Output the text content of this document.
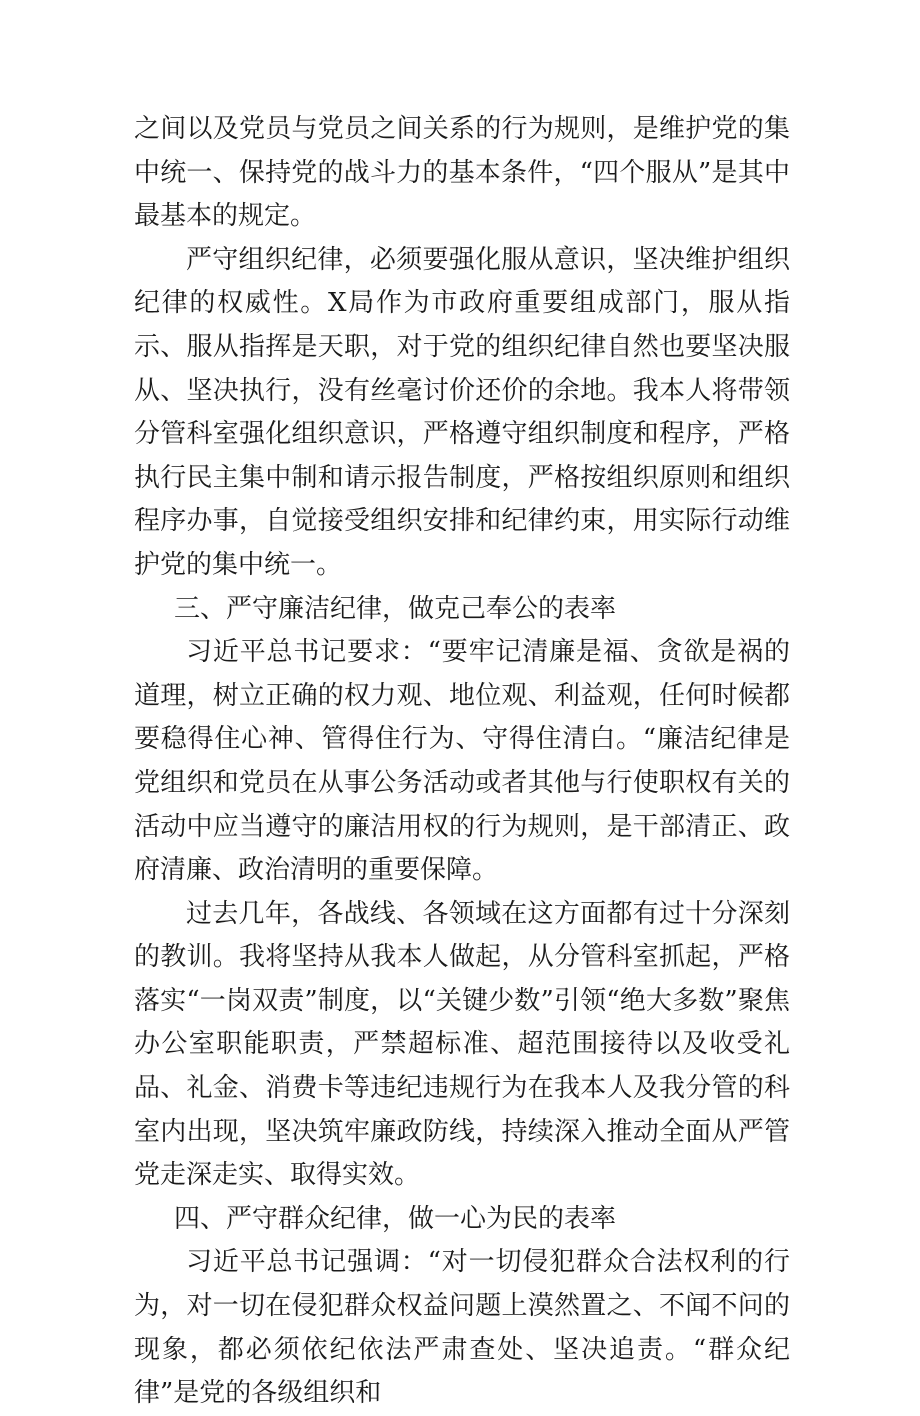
之间以及党员与党员之间关系的行为规则，是维护党的集中统一、保持党的战斗力的基本条件，“四个服从”是其中最基本的规定。

严守组织纪律，必须要强化服从意识，坚决维护组织纪律的权威性。X局作为市政府重要组成部门，服从指示、服从指挥是天职，对于党的组织纪律自然也要坚决服从、坚决执行，没有丝毫讨价还价的余地。我本人将带领分管科室强化组织意识，严格遵守组织制度和程序，严格执行民主集中制和请示报告制度，严格按组织原则和组织程序办事，自觉接受组织安排和纪律约束，用实际行动维护党的集中统一。

三、严守廉洁纪律，做克己奉公的表率

习近平总书记要求：“要牢记清廉是福、贪欲是祸的道理，树立正确的权力观、地位观、利益观，任何时候都要稳得住心神、管得住行为、守得住清白。“廉洁纪律是党组织和党员在从事公务活动或者其他与行使职权有关的活动中应当遵守的廉洁用权的行为规则，是干部清正、政府清廉、政治清明的重要保障。

过去几年，各战线、各领域在这方面都有过十分深刻的教训。我将坚持从我本人做起，从分管科室抓起，严格落实“一岗双责”制度，以“关键少数”引领“绝大多数”聚焦办公室职能职责，严禁超标准、超范围接待以及收受礼品、礼金、消费卡等违纪违规行为在我本人及我分管的科室内出现，坚决筑牢廉政防线，持续深入推动全面从严管党走深走实、取得实效。

四、严守群众纪律，做一心为民的表率

习近平总书记强调：“对一切侵犯群众合法权利的行为，对一切在侵犯群众权益问题上漠然置之、不闻不问的现象，都必须依纪依法严肃查处、坚决追责。“群众纪律”是党的各级组织和
